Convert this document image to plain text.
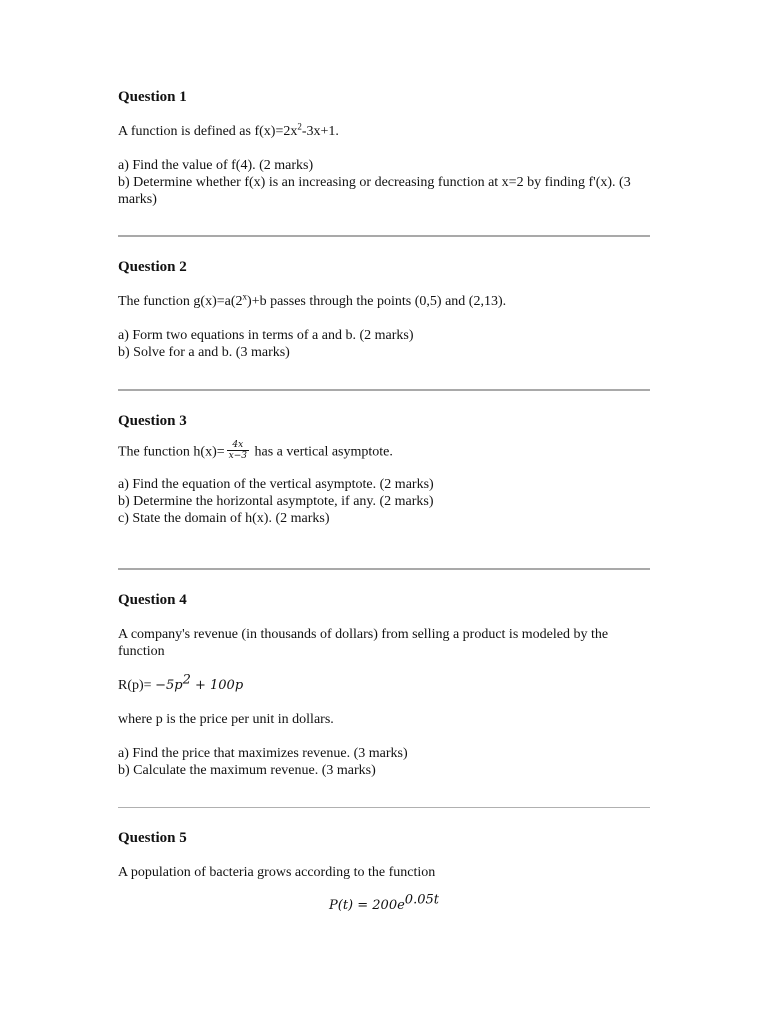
Question 1
A function is defined as $f(x)=2x^2-3x+1$.
a) Find the value of f(4). (2 marks)
b) Determine whether f(x) is an increasing or decreasing function at x=2 by finding f'(x). (3
marks)
Question 2
The function $g(x)=a(2^x)+b$ passes through the points (0,5) and (2,13).
a) Form two equations in terms of a and b. (2 marks)
b) Solve for a and b. (3 marks)
Question 3
The function $h(x)= \frac{4x}{x-3}$ has a vertical asymptote.
a) Find the equation of the vertical asymptote. (2 marks)
b) Determine the horizontal asymptote, if any. (2 marks)
c) State the domain of h(x). (2 marks)
Question 4
A company's revenue (in thousands of dollars) from selling a product is modeled by the
function
$R(p)= -5p^2 + 100p$
where p is the price per unit in dollars.
a) Find the price that maximizes revenue. (3 marks)
b) Calculate the maximum revenue. (3 marks)
Question 5
A population of bacteria grows according to the function
$P(t) = 200e^{0.05t}$
